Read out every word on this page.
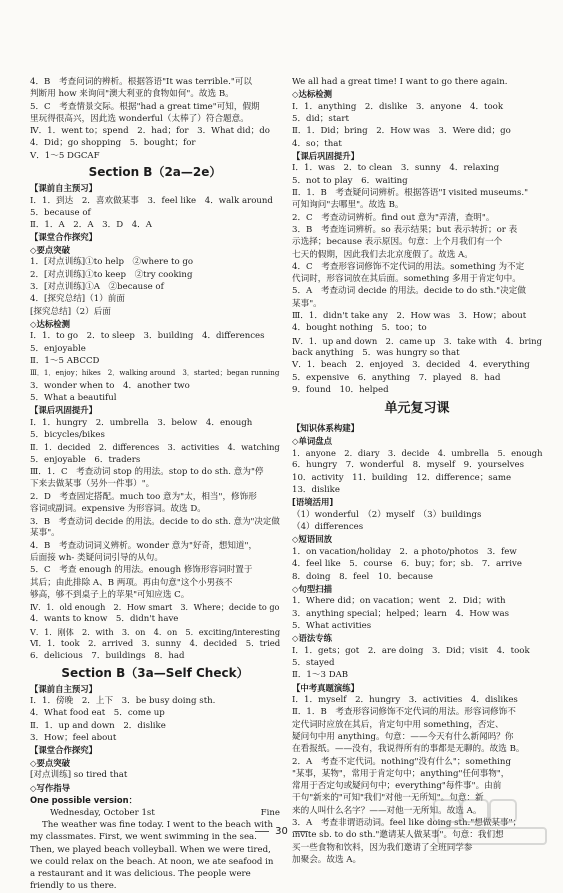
4．B　考查问词的辨析。根据答语"It was terrible."可以
判断用 how 来询问"澳大利亚的食物如何"。故选 B。
5．C　考查情景交际。根据"had a great time"可知，假期
里玩得很高兴，因此选 wonderful（太棒了）符合题意。
Ⅳ．1．went to；spend　2．had；for　3．What did；do
4．Did；go shopping　5．bought；for
Ⅴ．1～5 DGCAF
Section B（2a—2e）
【课前自主预习】
Ⅰ．1．到达　2．喜欢做某事　3．feel like　4．walk around
5．because of
Ⅱ．1．A　2．A　3．D　4．A
【课堂合作探究】
◇要点突破
1．[对点训练]①to help　②where to go
2．[对点训练]①to keep　②try cooking
3．[对点训练]①A　②because of
4．[探究总结]（1）前面
[探究总结]（2）后面
◇达标检测
Ⅰ．1．to go　2．to sleep　3．building　4．differences
5．enjoyable
Ⅱ．1～5 ABCCD
Ⅲ．1．enjoy；hikes　2．walking around　3．started；began running
3．wonder when to　4．another two
5．What a beautiful
【课后巩固提升】
Ⅰ．1．hungry　2．umbrella　3．below　4．enough
5．bicycles/bikes
Ⅱ．1．decided　2．differences　3．activities　4．watching
5．enjoyable　6．traders
Ⅲ．1．C　考查动词 stop 的用法。stop to do sth. 意为"停
下来去做某事（另外一件事）"。
2．D　考查固定搭配。much too 意为"太，相当"，修饰形
容词或副词。expensive 为形容词。故选 D。
3．B　考查动词 decide 的用法。decide to do sth. 意为"决定做
某事"。
4．B　考查动词词义辨析。wonder 意为"好奇，想知道"，
后面接 wh- 类疑问词引导的从句。
5．C　考查 enough 的用法。enough 修饰形容词时置于
其后；由此排除 A、B 两项。再由句意"这个小男孩不
够高，够不到桌子上的苹果"可知应选 C。
Ⅳ．1．old enough　2．How smart　3．Where；decide to go
4．wants to know　5．didn't have
Ⅴ．1．刚体　2．with　3．on　4．on　5．exciting/interesting
Ⅵ．1．took　2．arrived　3．sunny　4．decided　5．tried
6．delicious　7．buildings　8．had
Section B（3a—Self Check）
【课前自主预习】
Ⅰ．1．傍晚　2．上下　3．be busy doing sth.
4．What food eat　5．come up
Ⅱ．1．up and down　2．dislike
3．How；feel about
【课堂合作探究】
◇要点突破
[对点训练] so tired that
◇写作指导
One possible version：
Wednesday, October 1st	Fine
The weather was fine today. I went to the beach with my classmates. First, we went swimming in the sea. Then, we played beach volleyball. When we were tired, we could relax on the beach. At noon, we ate seafood in a restaurant and it was delicious. The people were friendly to us there.
We all had a great time! I want to go there again.
◇达标检测
Ⅰ．1．anything　2．dislike　3．anyone　4．took
5．did；start
Ⅱ．1．Did；bring　2．How was　3．Were did；go
4．so；that
【课后巩固提升】
Ⅰ．1．was　2．to clean　3．sunny　4．relaxing
5．not to play　6．waiting
Ⅱ．1．B　考查疑问词辨析。根据答语"I visited museums."
可知询问"去哪里"。故选 B。
2．C　考查动词辨析。find out 意为"弄清，查明"。
3．B　考查连词辨析。so 表示结果；but 表示转折；or 表
示选择；because 表示原因。句意：上个月我们有一个
七天的假期，因此我们去北京度假了。故选 A。
4．C　考查形容词修饰不定代词的用法。something 为不定
代词时，形容词放在其后面。something 多用于肯定句中。
5．A　考查动词 decide 的用法。decide to do sth."决定做
某事"。
Ⅲ．1．didn't take any　2．How was　3．How；about
4．bought nothing　5．too；to
Ⅳ．1．up and down　2．came up　3．take with　4．bring
back anything　5．was hungry so that
Ⅴ．1．beach　2．enjoyed　3．decided　4．everything
5．expensive　6．anything　7．played　8．had
9．found　10．helped
单元复习课
【知识体系构建】
◇单词盘点
1．anyone　2．diary　3．decide　4．umbrella　5．enough
6．hungry　7．wonderful　8．myself　9．yourselves
10．activity　11．building　12．difference；same
13．dislike
[语境活用]
（1）wonderful　（2）myself　（3）buildings
（4）differences
◇短语回放
1．on vacation/holiday　2．a photo/photos　3．few
4．feel like　5．course　6．buy；for；sb.　7．arrive
8．doing　8．feel　10．because
◇句型扫描
1．Where did；on vacation；went　2．Did；with
3．anything special；helped；learn　4．How was
5．What activities
◇语法专练
Ⅰ．1．gets；got　2．are doing　3．Did；visit　4．took
5．stayed
Ⅱ．1～3 DAB
【中考真题演练】
Ⅰ．1．myself　2．hungry　3．activities　4．dislikes
Ⅱ．1．B　考查形容词修饰不定代词的用法。形容词修饰不
定代词时应放在其后，肯定句中用 something，否定、
疑问句中用 anything。句意：——今天有什么新闻吗？你
在看报纸。——没有，我说得所有的事都是无聊的。故选 B。
2．A　考查不定代词。nothing"没有什么"；something
"某事，某物"，常用于肯定句中；anything"任何事物"，
常用于否定句或疑问句中；everything"每件事"。由前
干句"新来的"可知"我们"对他一无所知"。句意：新
来的人叫什么名字？——对他一无所知。故选 A。
3．A　考查非谓语动词。feel like doing sth."想做某事"；
invite sb. to do sth."邀请某人做某事"。句意：我们想
买一些食物和饮料，因为我们邀请了全班同学参
加聚会。故选 A。
30
